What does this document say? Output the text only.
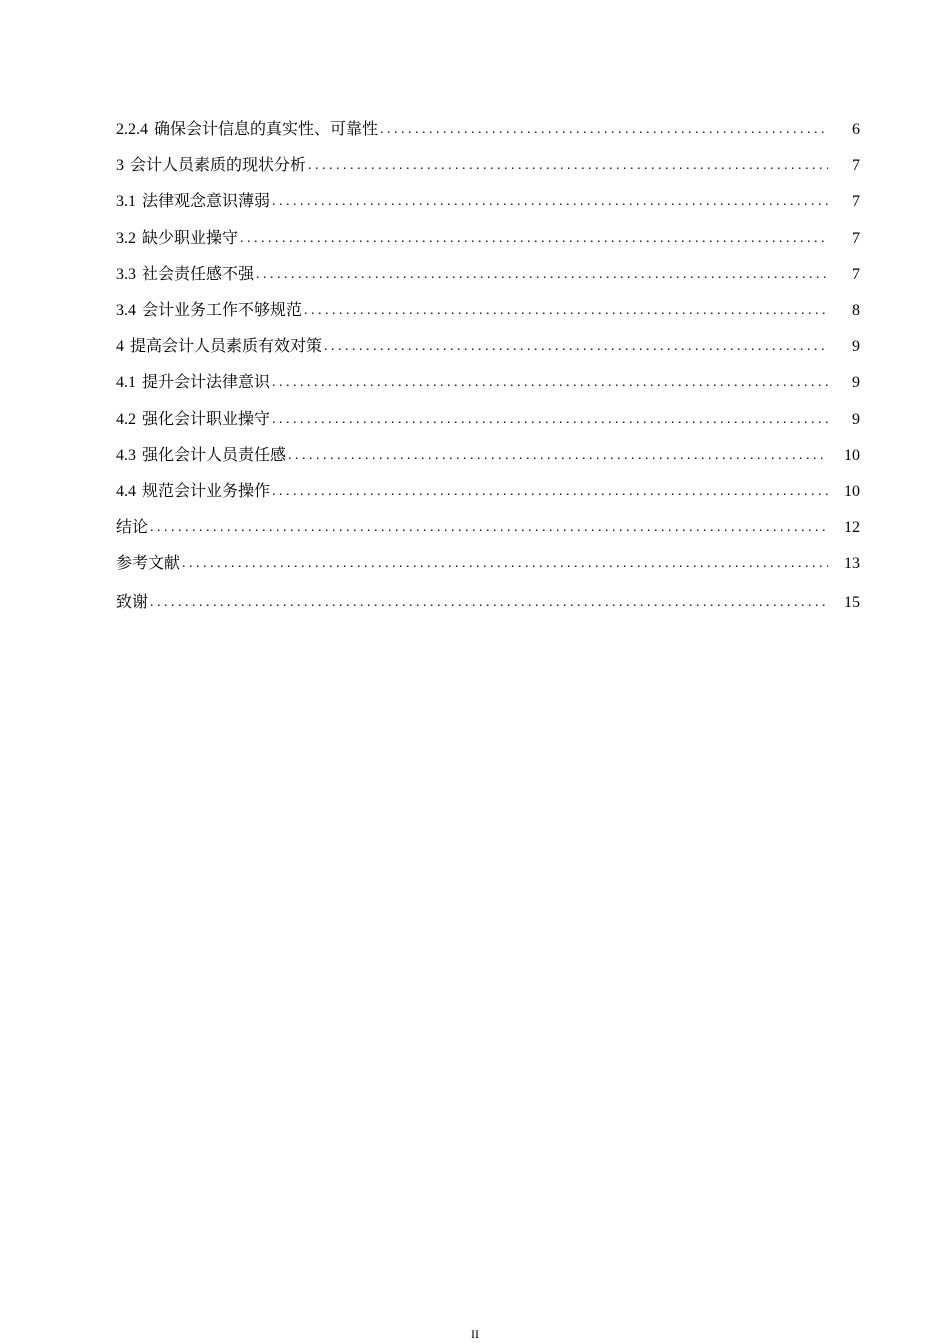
2.2.4 确保会计信息的真实性、可靠性 . . .	6
3 会计人员素质的现状分析 . . .	7
3.1 法律观念意识薄弱 . . .	7
3.2 缺少职业操守 . . .	7
3.3 社会责任感不强 . . .	7
3.4 会计业务工作不够规范 . . .	8
4 提高会计人员素质有效对策 . . .	9
4.1 提升会计法律意识 . . .	9
4.2 强化会计职业操守 . . .	9
4.3 强化会计人员责任感 . . .	10
4.4 规范会计业务操作 . . .	10
结论 . . .	12
参考文献 . . .	13
致谢 . . .	15
II
